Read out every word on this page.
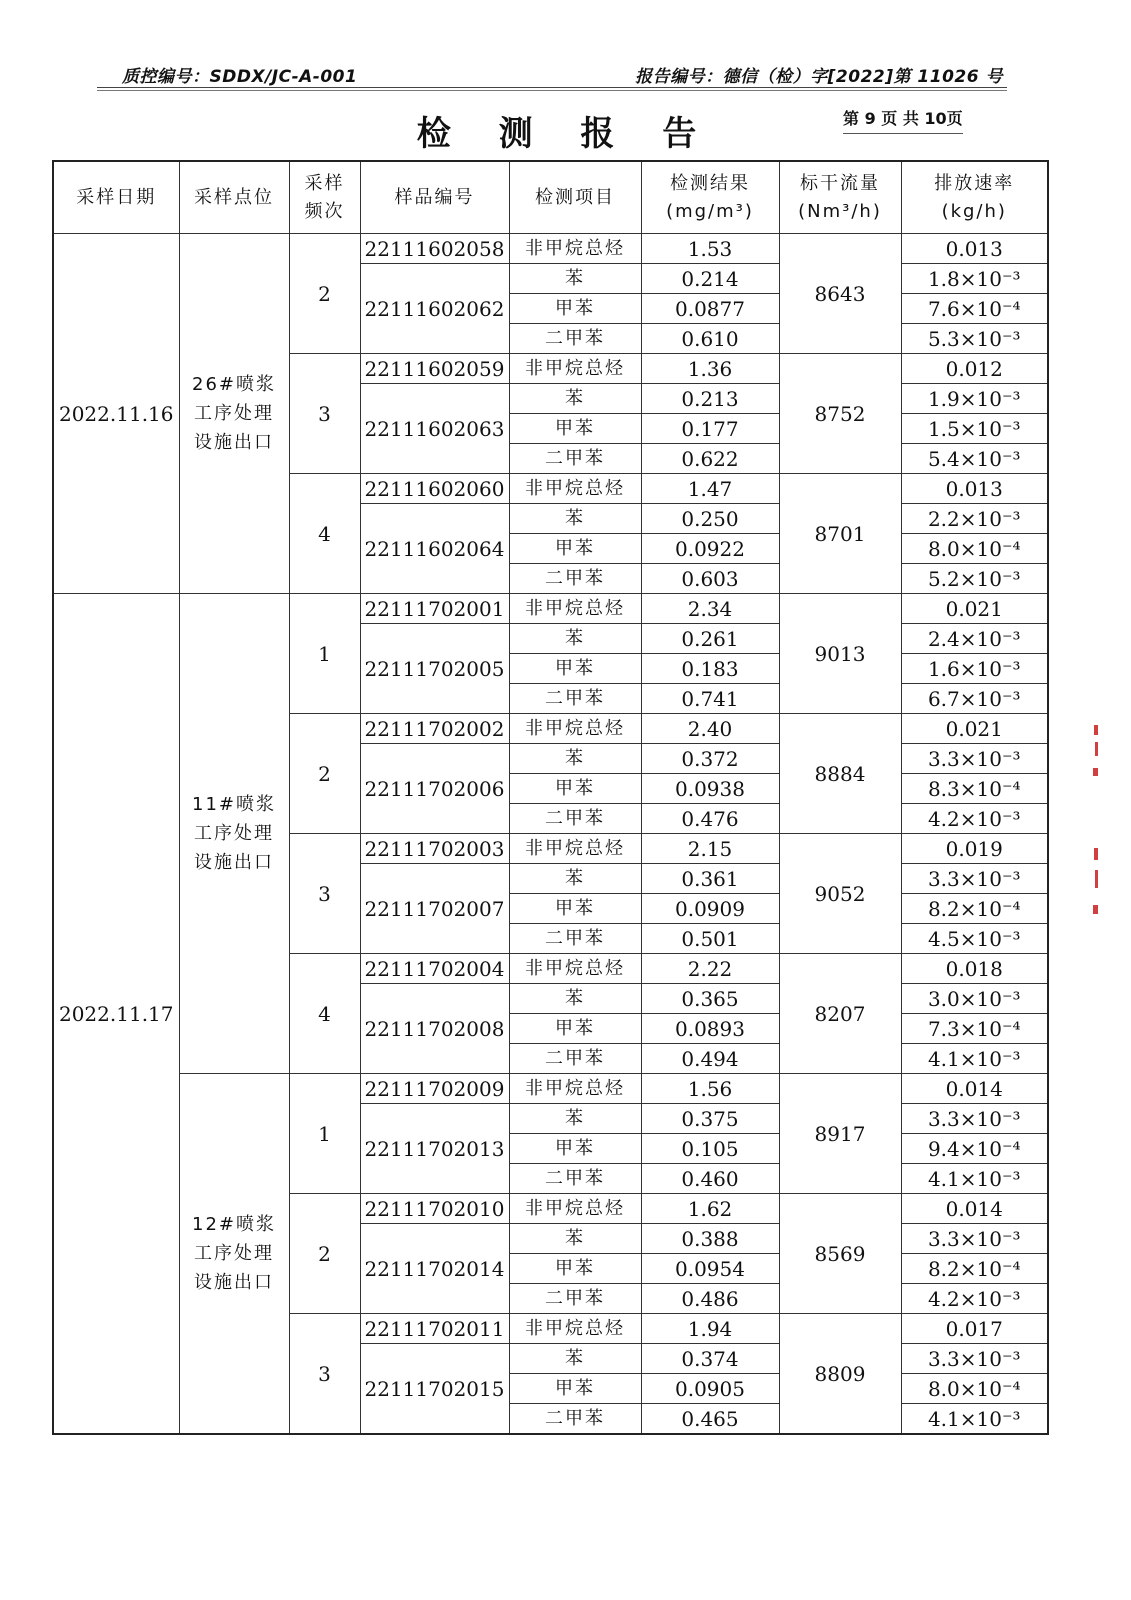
质控编号：SDDX/JC-A-001	报告编号：德信（检）字[2022]第 11026 号
检 测 报 告	第 9 页 共 10页
采样日期	采样点位	采样
频次	样品编号	检测项目	检测结果
(mg/m³)	标干流量
(Nm³/h)	排放速率
(kg/h)

2022.11.16	26#喷浆
工序处理
设施出口	2	22111602058	非甲烷总烃	1.53	8643	0.013
			22111602062	苯	0.214		1.8×10⁻³
				甲苯	0.0877		7.6×10⁻⁴
				二甲苯	0.610		5.3×10⁻³
		3	22111602059	非甲烷总烃	1.36	8752	0.012
			22111602063	苯	0.213		1.9×10⁻³
				甲苯	0.177		1.5×10⁻³
				二甲苯	0.622		5.4×10⁻³
		4	22111602060	非甲烷总烃	1.47	8701	0.013
			22111602064	苯	0.250		2.2×10⁻³
				甲苯	0.0922		8.0×10⁻⁴
				二甲苯	0.603		5.2×10⁻³
2022.11.17	11#喷浆
工序处理
设施出口	1	22111702001	非甲烷总烃	2.34	9013	0.021
			22111702005	苯	0.261		2.4×10⁻³
				甲苯	0.183		1.6×10⁻³
				二甲苯	0.741		6.7×10⁻³
		2	22111702002	非甲烷总烃	2.40	8884	0.021
			22111702006	苯	0.372		3.3×10⁻³
				甲苯	0.0938		8.3×10⁻⁴
				二甲苯	0.476		4.2×10⁻³
		3	22111702003	非甲烷总烃	2.15	9052	0.019
			22111702007	苯	0.361		3.3×10⁻³
				甲苯	0.0909		8.2×10⁻⁴
				二甲苯	0.501		4.5×10⁻³
		4	22111702004	非甲烷总烃	2.22	8207	0.018
			22111702008	苯	0.365		3.0×10⁻³
				甲苯	0.0893		7.3×10⁻⁴
				二甲苯	0.494		4.1×10⁻³

	12#喷浆
工序处理
设施出口	1	22111702009	非甲烷总烃	1.56	8917	0.014
			22111702013	苯	0.375		3.3×10⁻³
				甲苯	0.105		9.4×10⁻⁴
				二甲苯	0.460		4.1×10⁻³
		2	22111702010	非甲烷总烃	1.62	8569	0.014
			22111702014	苯	0.388		3.3×10⁻³
				甲苯	0.0954		8.2×10⁻⁴
				二甲苯	0.486		4.2×10⁻³
		3	22111702011	非甲烷总烃	1.94	8809	0.017
			22111702015	苯	0.374		3.3×10⁻³
				甲苯	0.0905		8.0×10⁻⁴
				二甲苯	0.465		4.1×10⁻³
